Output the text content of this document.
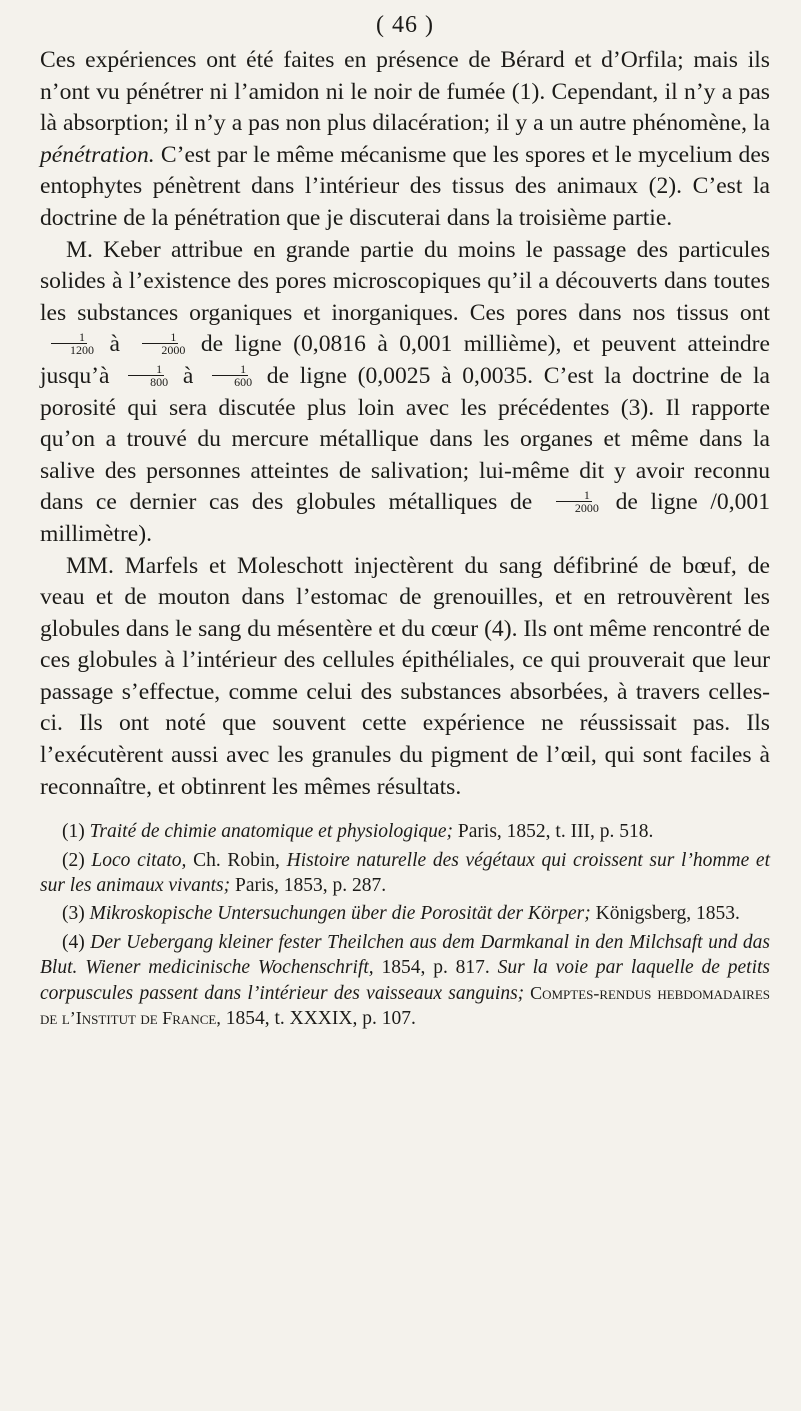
( 46 )

Ces expériences ont été faites en présence de Bérard et d’Orfila; mais ils n’ont vu pénétrer ni l’amidon ni le noir de fumée (1). Cependant, il n’y a pas là absorption; il n’y a pas non plus dilacération; il y a un autre phénomène, la pénétration. C’est par le même mécanisme que les spores et le mycelium des entophytes pénètrent dans l’intérieur des tissus des animaux (2). C’est la doctrine de la pénétration que je discuterai dans la troisième partie.

M. Keber attribue en grande partie du moins le passage des particules solides à l’existence des pores microscopiques qu’il a découverts dans toutes les substances organiques et inorganiques. Ces pores dans nos tissus ont
$\frac{1}{1200}$ à $\frac{1}{2000}$ de ligne (0,0816 à 0,001 millième), et peuvent atteindre jusqu’à $\frac{1}{800}$ à $\frac{1}{600}$ de ligne (0,0025 à 0,0035. C’est la doctrine de la porosité qui sera discutée plus loin avec les précédentes (3). Il rapporte qu’on a trouvé du mercure métallique dans les organes et même dans la salive des personnes atteintes de salivation; lui-même dit y avoir reconnu dans ce dernier cas des globules métalliques de $\frac{1}{2000}$ de ligne /0,001 millimètre).

MM. Marfels et Moleschott injectèrent du sang défibriné de bœuf, de veau et de mouton dans l’estomac de grenouilles, et en retrouvèrent les globules dans le sang du mésentère et du cœur (4). Ils ont même rencontré de ces globules à l’intérieur des cellules épithéliales, ce qui prouverait que leur passage s’effectue, comme celui des substances absorbées, à travers celles-ci. Ils ont noté que souvent cette expérience ne réussissait pas. Ils l’exécutèrent aussi avec les granules du pigment de l’œil, qui sont faciles à reconnaître, et obtinrent les mêmes résultats.

(1) Traité de chimie anatomique et physiologique; Paris, 1852, t. III, p. 518.

(2) Loco citato, Ch. Robin, Histoire naturelle des végétaux qui croissent sur l’homme et sur les animaux vivants; Paris, 1853, p. 287.

(3) Mikroskopische Untersuchungen über die Porosität der Körper; Königsberg, 1853.

(4) Der Uebergang kleiner fester Theilchen aus dem Darmkanal in den Milchsaft und das Blut. Wiener medicinische Wochenschrift, 1854, p. 817. Sur la voie par laquelle de petits corpuscules passent dans l’intérieur des vaisseaux sanguins; Comptes-rendus hebdomadaires de l’Institut de France, 1854, t. XXXIX, p. 107.
